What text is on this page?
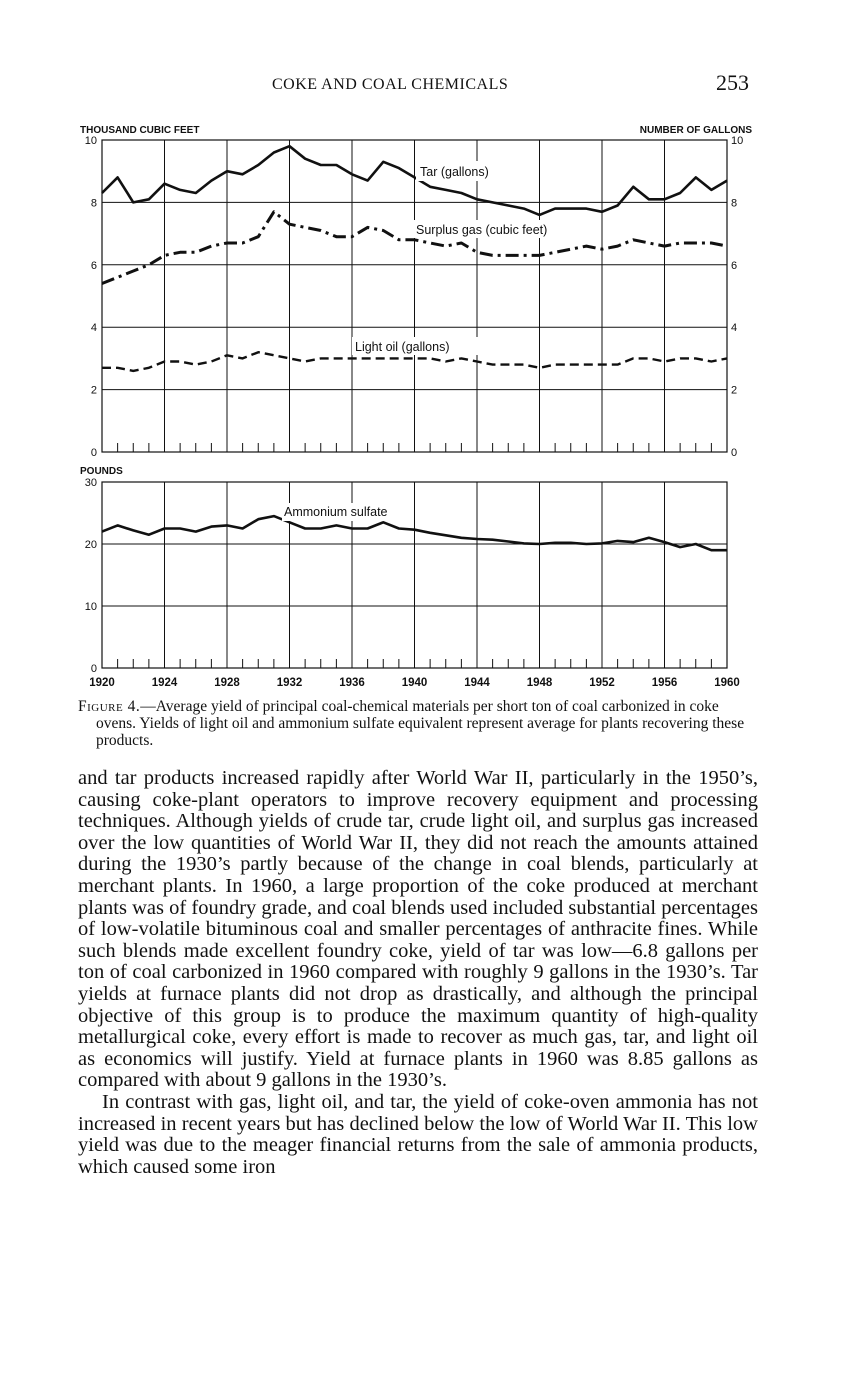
COKE AND COAL CHEMICALS	253
THOUSAND CUBIC FEET	NUMBER OF GALLONS
0
2
4
6
8
10
0
2
4
6
8
10
Tar (gallons)
Surplus gas (cubic feet)
Light oil (gallons)
POUNDS
0
10
20
30
1920	1924	1928	1932	1936	1940	1944	1948	1952	1956	1960
Ammonium sulfate

Figure 4.—Average yield of principal coal-chemical materials per short ton of coal carbonized in coke ovens. Yields of light oil and ammonium sulfate equivalent represent average for plants recovering these products.

and tar products increased rapidly after World War II, particularly in the 1950’s, causing coke-plant operators to improve recovery equipment and processing techniques. Although yields of crude tar, crude light oil, and surplus gas increased over the low quantities of World War II, they did not reach the amounts attained during the 1930’s partly because of the change in coal blends, particularly at merchant plants. In 1960, a large proportion of the coke produced at merchant plants was of foundry grade, and coal blends used included substantial percentages of low-volatile bituminous coal and smaller percentages of anthracite fines. While such blends made excellent foundry coke, yield of tar was low—6.8 gallons per ton of coal carbonized in 1960 compared with roughly 9 gallons in the 1930’s. Tar yields at furnace plants did not drop as drastically, and although the principal objective of this group is to produce the maximum quantity of high-quality metallurgical coke, every effort is made to recover as much gas, tar, and light oil as economics will justify. Yield at furnace plants in 1960 was 8.85 gallons as compared with about 9 gallons in the 1930’s.

In contrast with gas, light oil, and tar, the yield of coke-oven ammonia has not increased in recent years but has declined below the low of World War II. This low yield was due to the meager financial returns from the sale of ammonia products, which caused some iron
